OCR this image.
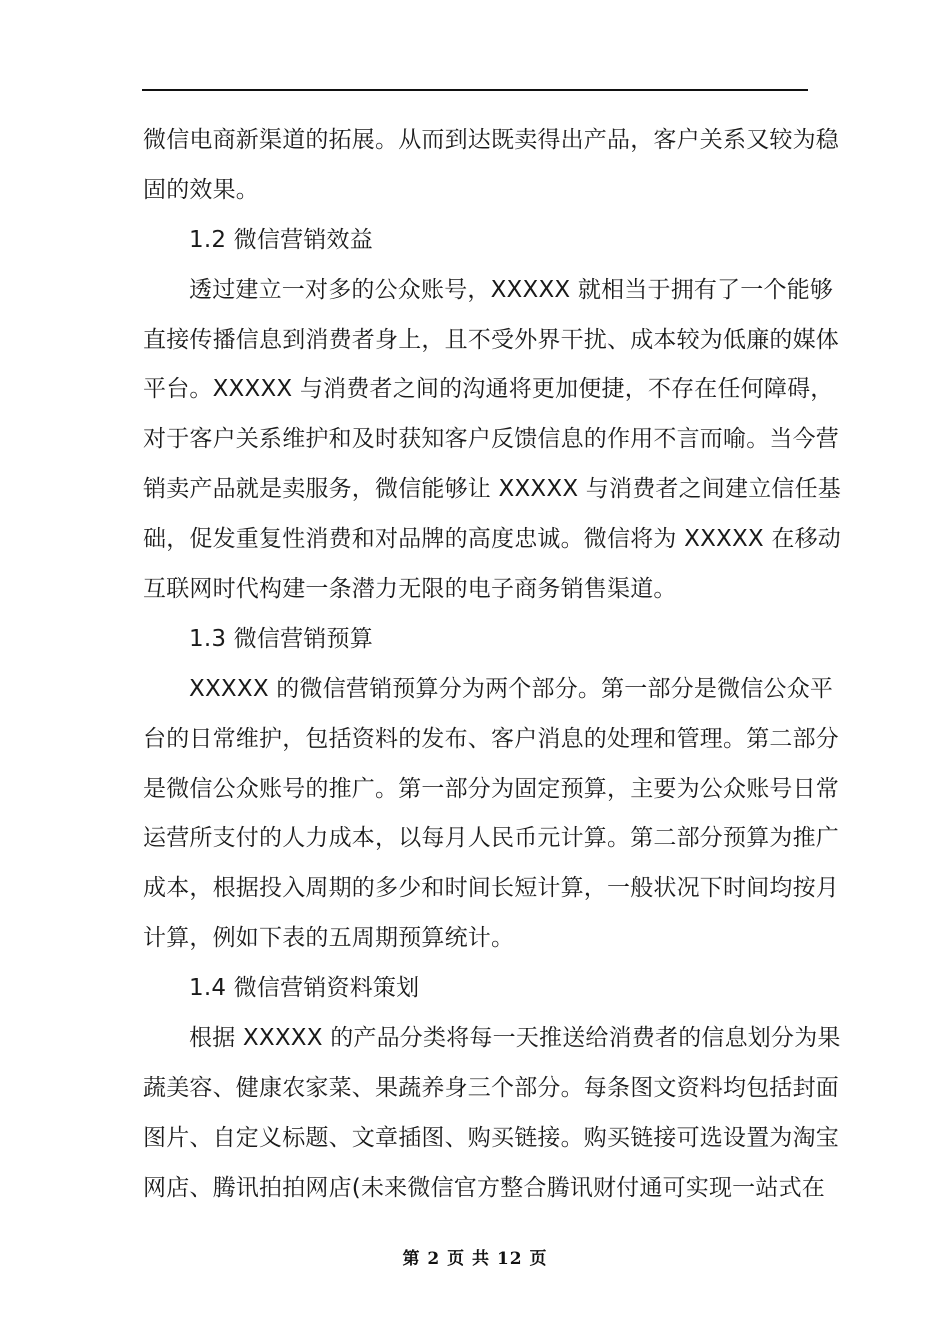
微信电商新渠道的拓展。从而到达既卖得出产品，客户关系又较为稳
固的效果。
1.2 微信营销效益
透过建立一对多的公众账号，XXXXX 就相当于拥有了一个能够
直接传播信息到消费者身上，且不受外界干扰、成本较为低廉的媒体
平台。XXXXX 与消费者之间的沟通将更加便捷，不存在任何障碍，
对于客户关系维护和及时获知客户反馈信息的作用不言而喻。当今营
销卖产品就是卖服务，微信能够让 XXXXX 与消费者之间建立信任基
础，促发重复性消费和对品牌的高度忠诚。微信将为 XXXXX 在移动
互联网时代构建一条潜力无限的电子商务销售渠道。
1.3 微信营销预算
XXXXX 的微信营销预算分为两个部分。第一部分是微信公众平
台的日常维护，包括资料的发布、客户消息的处理和管理。第二部分
是微信公众账号的推广。第一部分为固定预算，主要为公众账号日常
运营所支付的人力成本，以每月人民币元计算。第二部分预算为推广
成本，根据投入周期的多少和时间长短计算，一般状况下时间均按月
计算，例如下表的五周期预算统计。
1.4 微信营销资料策划
根据 XXXXX 的产品分类将每一天推送给消费者的信息划分为果
蔬美容、健康农家菜、果蔬养身三个部分。每条图文资料均包括封面
图片、自定义标题、文章插图、购买链接。购买链接可选设置为淘宝
网店、腾讯拍拍网店(未来微信官方整合腾讯财付通可实现一站式在
第 2 页 共 12 页
